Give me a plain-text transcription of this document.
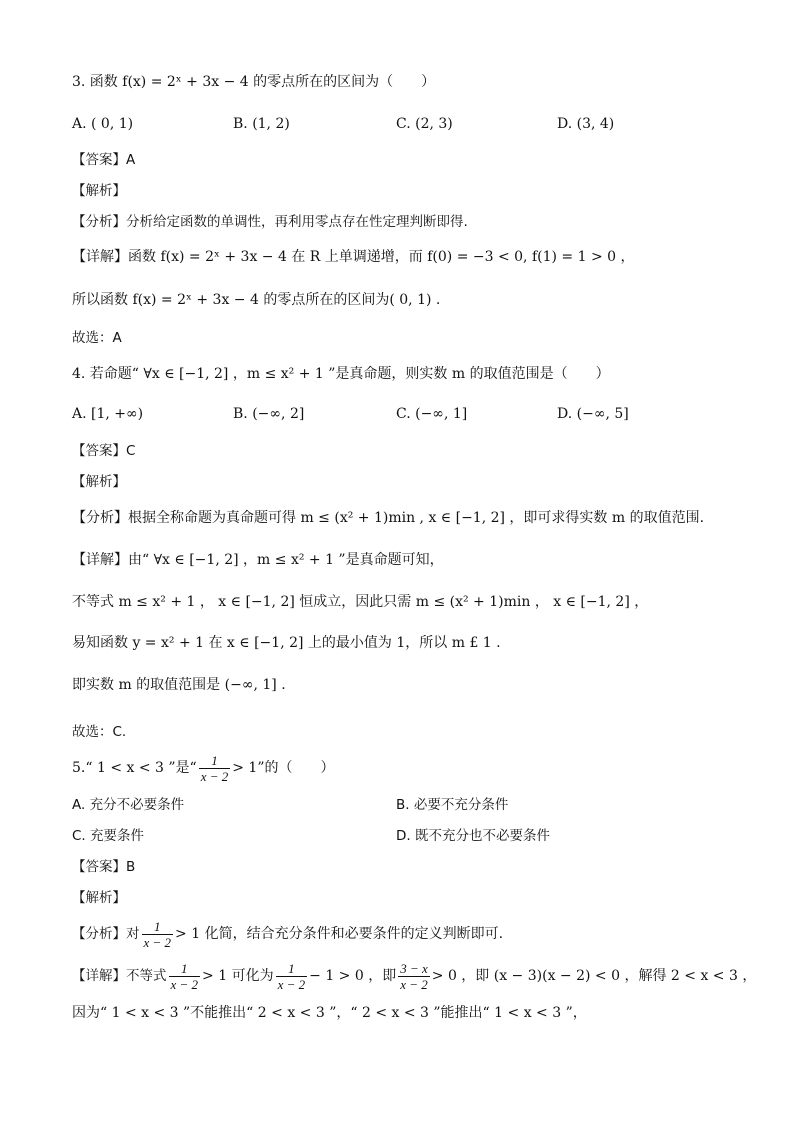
3. 函数 f(x) = 2ˣ + 3x − 4 的零点所在的区间为（　　）
A. ( 0, 1)	B. (1, 2)	C. (2, 3)	D. (3, 4)
【答案】A
【解析】
【分析】分析给定函数的单调性，再利用零点存在性定理判断即得.
【详解】函数 f(x) = 2ˣ + 3x − 4 在 R 上单调递增，而 f(0) = −3 < 0, f(1) = 1 > 0 ，
所以函数 f(x) = 2ˣ + 3x − 4 的零点所在的区间为( 0, 1) .
故选：A
4. 若命题“ ∀x ∈ [−1, 2] ，m ≤ x² + 1 ”是真命题，则实数 m 的取值范围是（　　）
A. [1, +∞)	B. (−∞, 2]	C. (−∞, 1]	D. (−∞, 5]
【答案】C
【解析】
【分析】根据全称命题为真命题可得 m ≤ (x² + 1)min , x ∈ [−1, 2] ，即可求得实数 m 的取值范围.
【详解】由“ ∀x ∈ [−1, 2] ，m ≤ x² + 1 ”是真命题可知，
不等式 m ≤ x² + 1 ， x ∈ [−1, 2] 恒成立，因此只需 m ≤ (x² + 1)min ， x ∈ [−1, 2] ，
易知函数 y = x² + 1 在 x ∈ [−1, 2] 上的最小值为 1，所以 m £ 1 .
即实数 m 的取值范围是 (−∞, 1] .
故选：C.
5.“ 1 < x < 3 ”是“ $\frac{1}{x - 2} > 1$”的（　　）
A. 充分不必要条件	B. 必要不充分条件
C. 充要条件	D. 既不充分也不必要条件
【答案】B
【解析】
【分析】对 $\frac{1}{x - 2} > 1$ 化简，结合充分条件和必要条件的定义判断即可.
【详解】不等式 $\frac{1}{x - 2} > 1$ 可化为 $\frac{1}{x - 2} - 1 > 0$ ，即 $\frac{3 - x}{x - 2} > 0$ ，即 (x − 3)(x − 2) < 0 ，解得 2 < x < 3 ，
因为“ 1 < x < 3 ”不能推出“ 2 < x < 3 ”，“ 2 < x < 3 ”能推出“ 1 < x < 3 ”，
